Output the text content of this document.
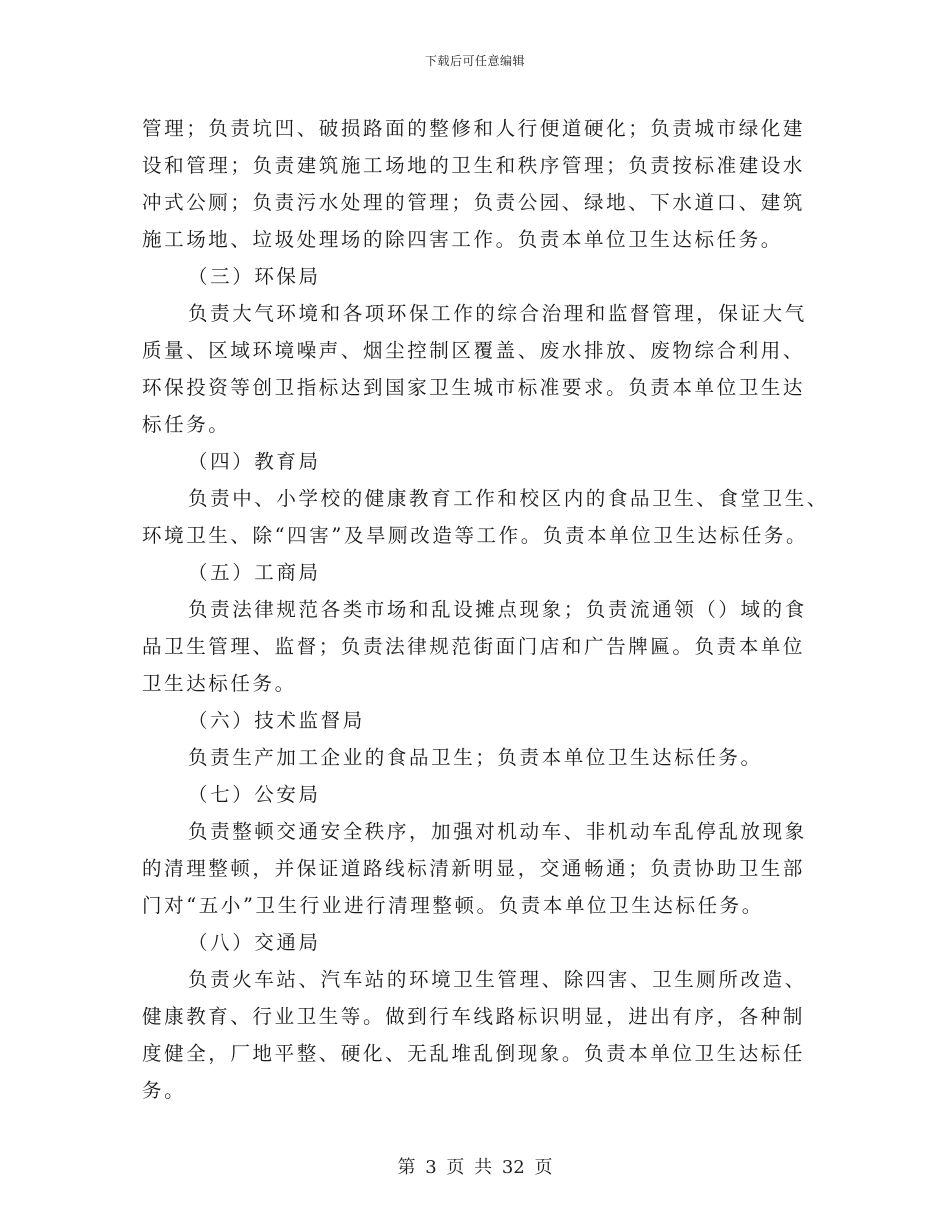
下载后可任意编辑
管理；负责坑凹、破损路面的整修和人行便道硬化；负责城市绿化建
设和管理；负责建筑施工场地的卫生和秩序管理；负责按标准建设水
冲式公厕；负责污水处理的管理；负责公园、绿地、下水道口、建筑
施工场地、垃圾处理场的除四害工作。负责本单位卫生达标任务。
（三）环保局
负责大气环境和各项环保工作的综合治理和监督管理，保证大气
质量、区域环境噪声、烟尘控制区覆盖、废水排放、废物综合利用、
环保投资等创卫指标达到国家卫生城市标准要求。负责本单位卫生达
标任务。
（四）教育局
负责中、小学校的健康教育工作和校区内的食品卫生、食堂卫生、
环境卫生、除“四害”及旱厕改造等工作。负责本单位卫生达标任务。
（五）工商局
负责法律规范各类市场和乱设摊点现象；负责流通领（）域的食
品卫生管理、监督；负责法律规范街面门店和广告牌匾。负责本单位
卫生达标任务。
（六）技术监督局
负责生产加工企业的食品卫生；负责本单位卫生达标任务。
（七）公安局
负责整顿交通安全秩序，加强对机动车、非机动车乱停乱放现象
的清理整顿，并保证道路线标清新明显，交通畅通；负责协助卫生部
门对“五小”卫生行业进行清理整顿。负责本单位卫生达标任务。
（八）交通局
负责火车站、汽车站的环境卫生管理、除四害、卫生厕所改造、
健康教育、行业卫生等。做到行车线路标识明显，进出有序，各种制
度健全，厂地平整、硬化、无乱堆乱倒现象。负责本单位卫生达标任
务。
第 3 页 共 32 页
